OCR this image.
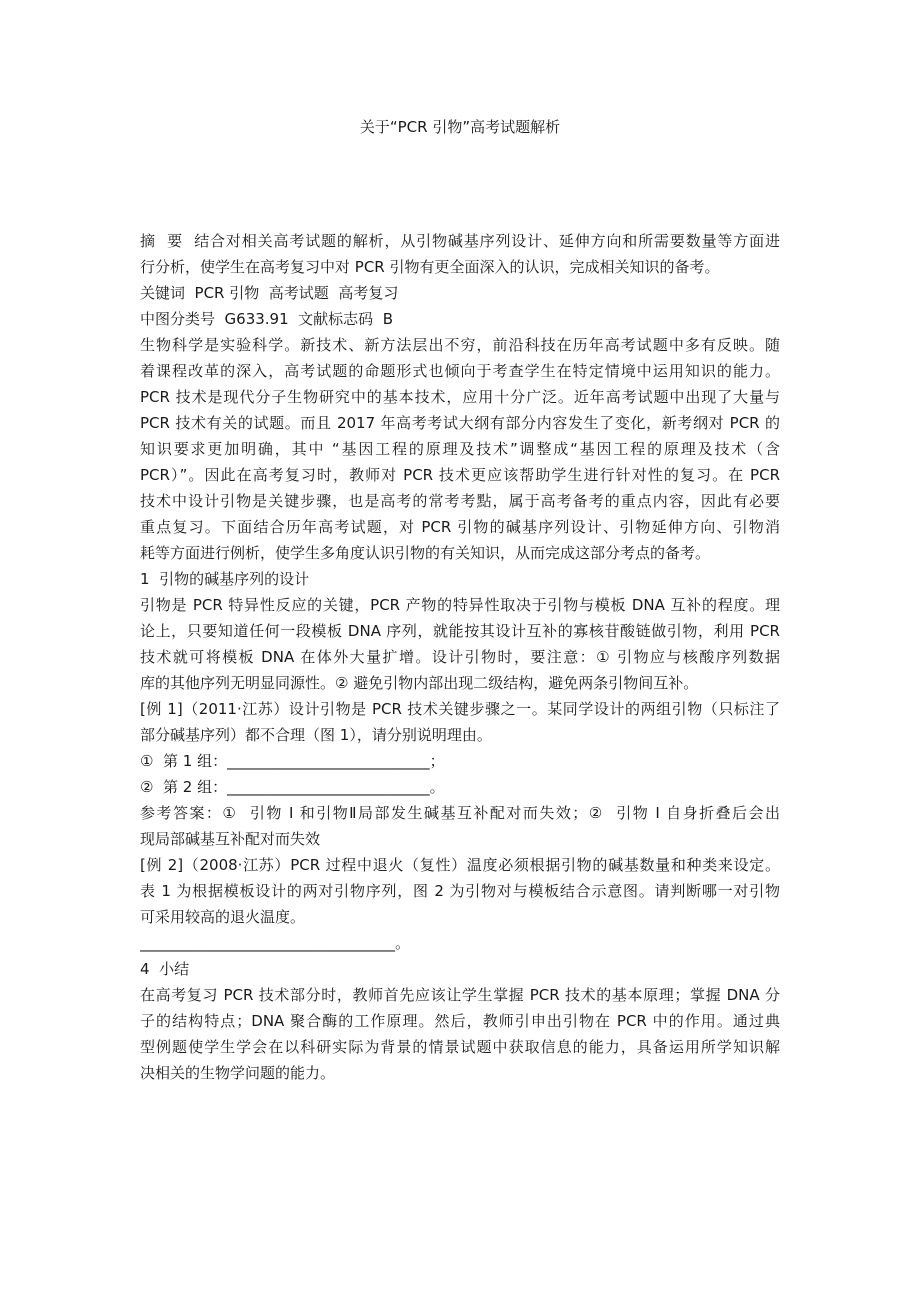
关于“PCR 引物”高考试题解析
摘  要  结合对相关高考试题的解析，从引物碱基序列设计、延伸方向和所需要数量等方面进
行分析，使学生在高考复习中对 PCR 引物有更全面深入的认识，完成相关知识的备考。
关键词  PCR 引物  高考试题  高考复习
中图分类号  G633.91  文献标志码  B
生物科学是实验科学。新技术、新方法层出不穷，前沿科技在历年高考试题中多有反映。随
着课程改革的深入，高考试题的命题形式也倾向于考查学生在特定情境中运用知识的能力。
PCR 技术是现代分子生物研究中的基本技术，应用十分广泛。近年高考试题中出现了大量与
PCR 技术有关的试题。而且 2017 年高考考试大纲有部分内容发生了变化，新考纲对 PCR 的
知识要求更加明确，其中 “基因工程的原理及技术”调整成“基因工程的原理及技术（含
PCR）”。因此在高考复习时，教师对 PCR 技术更应该帮助学生进行针对性的复习。在 PCR
技术中设计引物是关键步骤，也是高考的常考考點，属于高考备考的重点内容，因此有必要
重点复习。下面结合历年高考试题，对 PCR 引物的碱基序列设计、引物延伸方向、引物消
耗等方面进行例析，使学生多角度认识引物的有关知识，从而完成这部分考点的备考。
1  引物的碱基序列的设计
引物是 PCR 特异性反应的关键，PCR 产物的特异性取决于引物与模板 DNA 互补的程度。理
论上，只要知道任何一段模板 DNA 序列，就能按其设计互补的寡核苷酸链做引物，利用 PCR
技术就可将模板 DNA 在体外大量扩增。设计引物时，要注意：① 引物应与核酸序列数据
库的其他序列无明显同源性。② 避免引物内部出现二级结构，避免两条引物间互补。
[例 1]（2011·江苏）设计引物是 PCR 技术关键步骤之一。某同学设计的两组引物（只标注了
部分碱基序列）都不合理（图 1），请分别说明理由。
①  第 1 组：___________________________；
②  第 2 组：___________________________。
参考答案：①  引物 I 和引物Ⅱ局部发生碱基互补配对而失效；②  引物 I 自身折叠后会出
现局部碱基互补配对而失效
[例 2]（2008·江苏）PCR 过程中退火（复性）温度必须根据引物的碱基数量和种类来设定。
表 1 为根据模板设计的两对引物序列，图 2 为引物对与模板结合示意图。请判断哪一对引物
可采用较高的退火温度。
__________________________________。
4  小结
在高考复习 PCR 技术部分时，教师首先应该让学生掌握 PCR 技术的基本原理；掌握 DNA 分
子的结构特点；DNA 聚合酶的工作原理。然后，教师引申出引物在 PCR 中的作用。通过典
型例题使学生学会在以科研实际为背景的情景试题中获取信息的能力，具备运用所学知识解
决相关的生物学问题的能力。
